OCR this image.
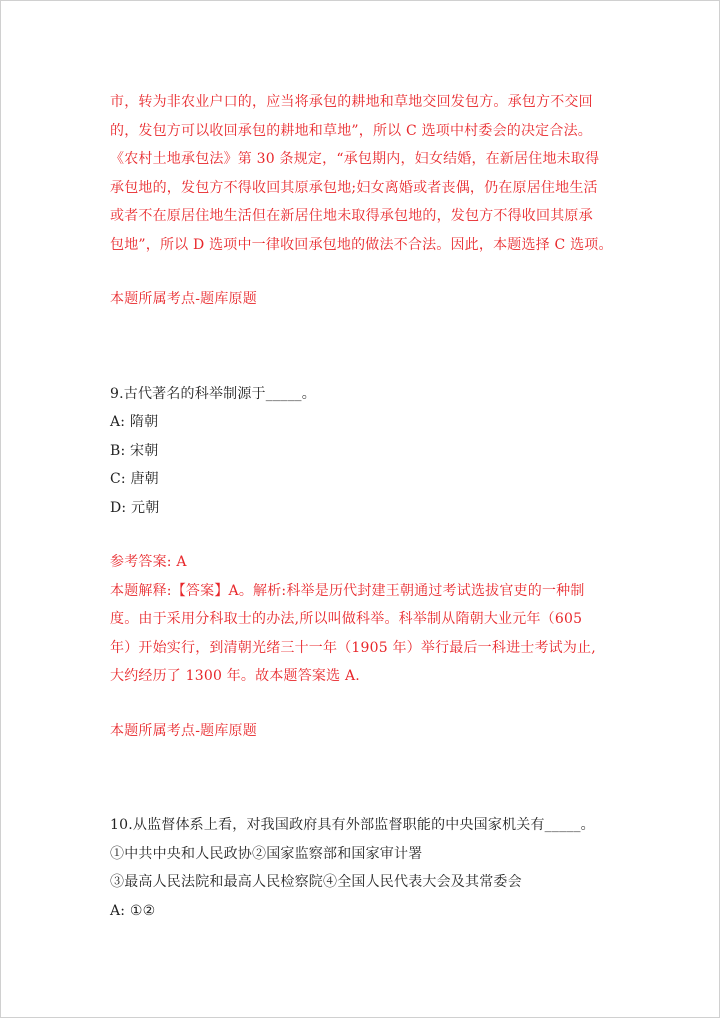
市，转为非农业户口的，应当将承包的耕地和草地交回发包方。承包方不交回
的，发包方可以收回承包的耕地和草地”，所以 C 选项中村委会的决定合法。
《农村土地承包法》第 30 条规定，“承包期内，妇女结婚，在新居住地未取得
承包地的，发包方不得收回其原承包地;妇女离婚或者丧偶，仍在原居住地生活
或者不在原居住地生活但在新居住地未取得承包地的，发包方不得收回其原承
包地”，所以 D 选项中一律收回承包地的做法不合法。因此，本题选择 C 选项。
本题所属考点-题库原题
9.古代著名的科举制源于_____。
A: 隋朝
B: 宋朝
C: 唐朝
D: 元朝
参考答案: A
本题解释:【答案】A。解析:科举是历代封建王朝通过考试选拔官吏的一种制
度。由于采用分科取士的办法,所以叫做科举。科举制从隋朝大业元年（605
年）开始实行，到清朝光绪三十一年（1905 年）举行最后一科进士考试为止,
大约经历了 1300 年。故本题答案选 A.
本题所属考点-题库原题
10.从监督体系上看，对我国政府具有外部监督职能的中央国家机关有_____。
①中共中央和人民政协②国家监察部和国家审计署
③最高人民法院和最高人民检察院④全国人民代表大会及其常委会
A: ①②
